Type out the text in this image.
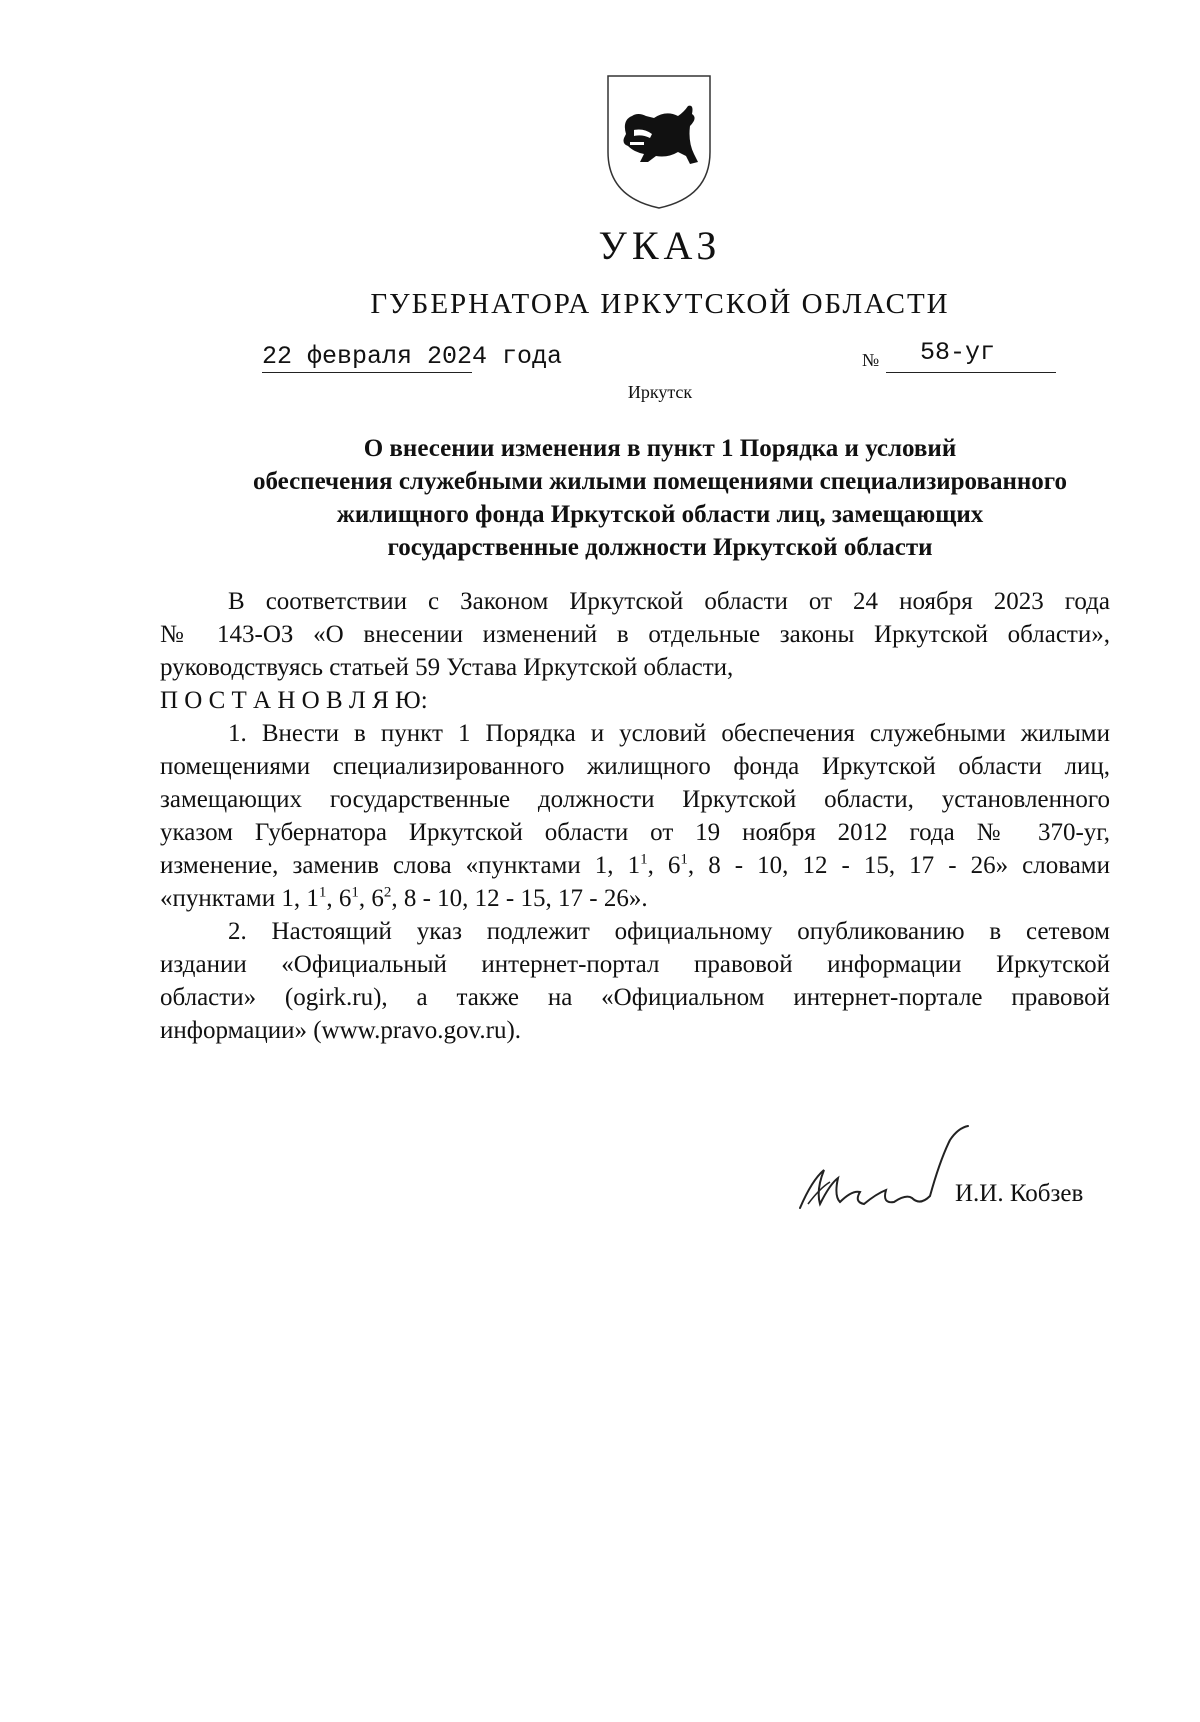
УКАЗ
ГУБЕРНАТОРА ИРКУТСКОЙ ОБЛАСТИ
22 февраля 2024 года	№ 58-уг
Иркутск
О внесении изменения в пункт 1 Порядка и условий
обеспечения служебными жилыми помещениями специализированного
жилищного фонда Иркутской области лиц, замещающих
государственные должности Иркутской области
В соответствии с Законом Иркутской области от 24 ноября 2023 года
№ 143-ОЗ «О внесении изменений в отдельные законы Иркутской области»,
руководствуясь статьей 59 Устава Иркутской области,
П О С Т А Н О В Л Я Ю:
1. Внести в пункт 1 Порядка и условий обеспечения служебными жилыми
помещениями специализированного жилищного фонда Иркутской области лиц,
замещающих государственные должности Иркутской области, установленного
указом Губернатора Иркутской области от 19 ноября 2012 года № 370-уг,
изменение, заменив слова «пунктами 1, $1^1$, $6^1$, 8 - 10, 12 - 15, 17 - 26» словами
«пунктами 1, $1^1$, $6^1$, $6^2$, 8 - 10, 12 - 15, 17 - 26».
2. Настоящий указ подлежит официальному опубликованию в сетевом
издании «Официальный интернет-портал правовой информации Иркутской
области» (ogirk.ru), а также на «Официальном интернет-портале правовой
информации» (www.pravo.gov.ru).
И.И. Кобзев
